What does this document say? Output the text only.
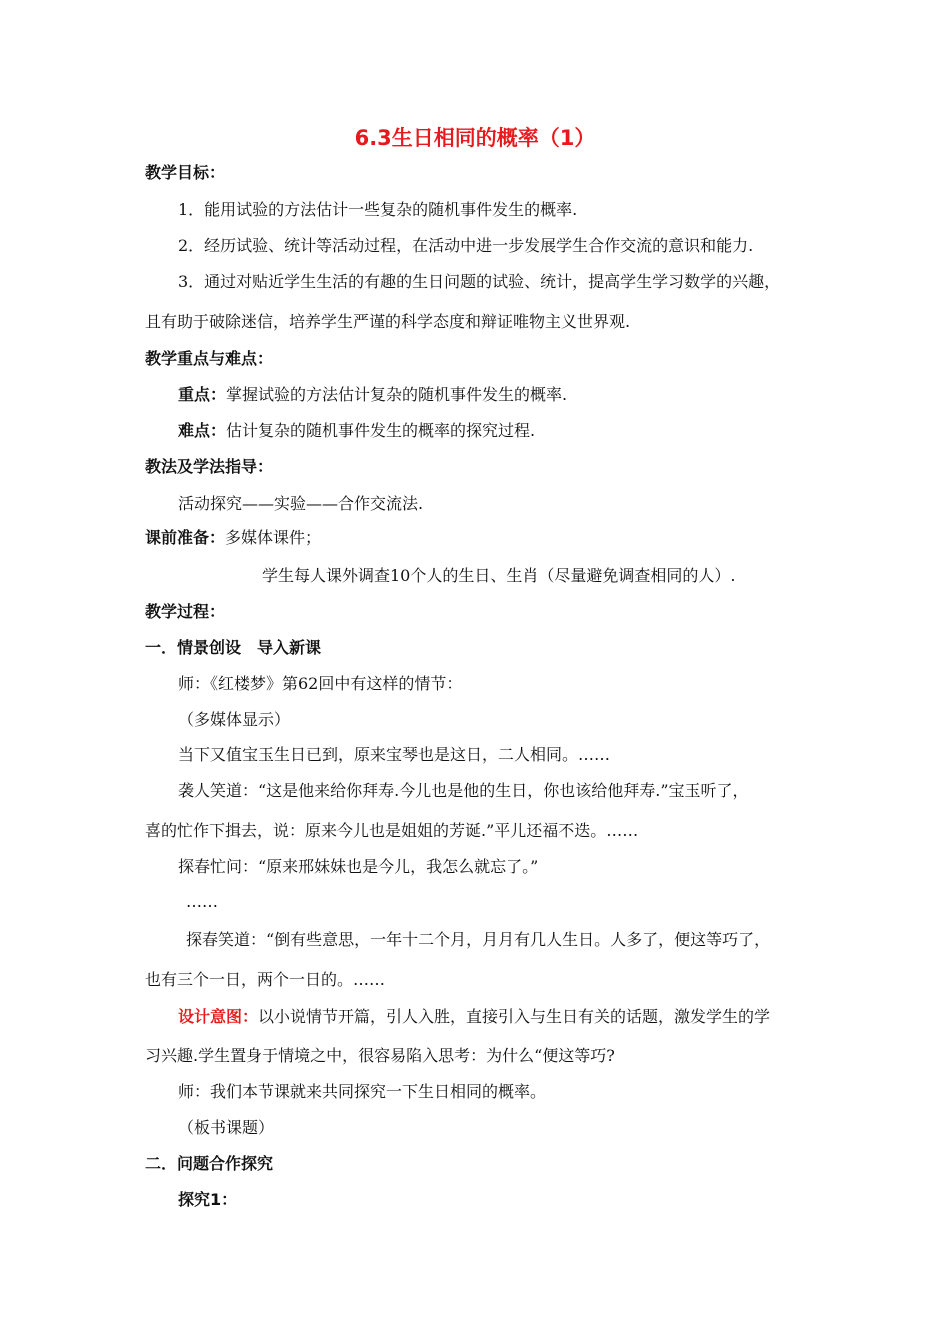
6.3生日相同的概率（1）
教学目标：
1．能用试验的方法估计一些复杂的随机事件发生的概率.
2．经历试验、统计等活动过程，在活动中进一步发展学生合作交流的意识和能力.
3．通过对贴近学生生活的有趣的生日问题的试验、统计，提高学生学习数学的兴趣，
且有助于破除迷信，培养学生严谨的科学态度和辩证唯物主义世界观.
教学重点与难点：
重点：掌握试验的方法估计复杂的随机事件发生的概率.
难点：估计复杂的随机事件发生的概率的探究过程.
教法及学法指导：
活动探究——实验——合作交流法.
课前准备：多媒体课件；
学生每人课外调查10个人的生日、生肖（尽量避免调查相同的人）.
教学过程：
一．情景创设　导入新课
师：《红楼梦》第62回中有这样的情节：
（多媒体显示）
当下又值宝玉生日已到，原来宝琴也是这日，二人相同。……
袭人笑道：“这是他来给你拜寿.今儿也是他的生日，你也该给他拜寿.”宝玉听了，
喜的忙作下揖去，说：原来今儿也是姐姐的芳诞.”平儿还福不迭。……
探春忙问：“原来邢妹妹也是今儿，我怎么就忘了。”
……
探春笑道：“倒有些意思，一年十二个月，月月有几人生日。人多了，便这等巧了，
也有三个一日，两个一日的。……
设计意图：以小说情节开篇，引人入胜，直接引入与生日有关的话题，激发学生的学
习兴趣.学生置身于情境之中，很容易陷入思考：为什么“便这等巧?
师：我们本节课就来共同探究一下生日相同的概率。
（板书课题）
二．问题合作探究
探究1：
